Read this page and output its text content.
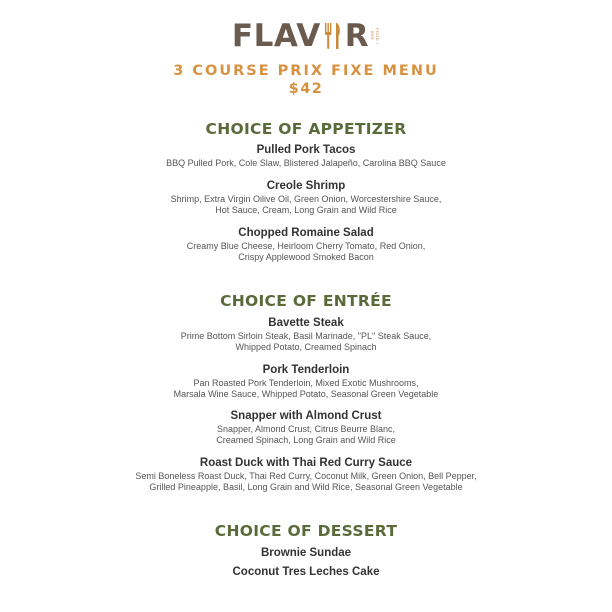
FLAV R	FOOD + BAR
3 COURSE PRIX FIXE MENU
$42
CHOICE OF APPETIZER
Pulled Pork Tacos
BBQ Pulled Pork, Cole Slaw, Blistered Jalapeño, Carolina BBQ Sauce
Creole Shrimp
Shrimp, Extra Virgin Oilive Oil, Green Onion, Worcestershire Sauce,
Hot Sauce, Cream, Long Grain and Wild Rice
Chopped Romaine Salad
Creamy Blue Cheese, Heirloom Cherry Tomato, Red Onion,
Crispy Applewood Smoked Bacon
CHOICE OF ENTRÉE
Bavette Steak
Prime Bottom Sirloin Steak, Basil Marinade, "PL" Steak Sauce,
Whipped Potato, Creamed Spinach
Pork Tenderloin
Pan Roasted Pork Tenderloin, Mixed Exotic Mushrooms,
Marsala Wine Sauce, Whipped Potato, Seasonal Green Vegetable
Snapper with Almond Crust
Snapper, Almond Crust, Citrus Beurre Blanc,
Creamed Spinach, Long Grain and Wild Rice
Roast Duck with Thai Red Curry Sauce
Semi Boneless Roast Duck, Thai Red Curry, Coconut Milk, Green Onion, Bell Pepper,
Grilled Pineapple, Basil, Long Grain and Wild Rice, Seasonal Green Vegetable
CHOICE OF DESSERT
Brownie Sundae
Coconut Tres Leches Cake
